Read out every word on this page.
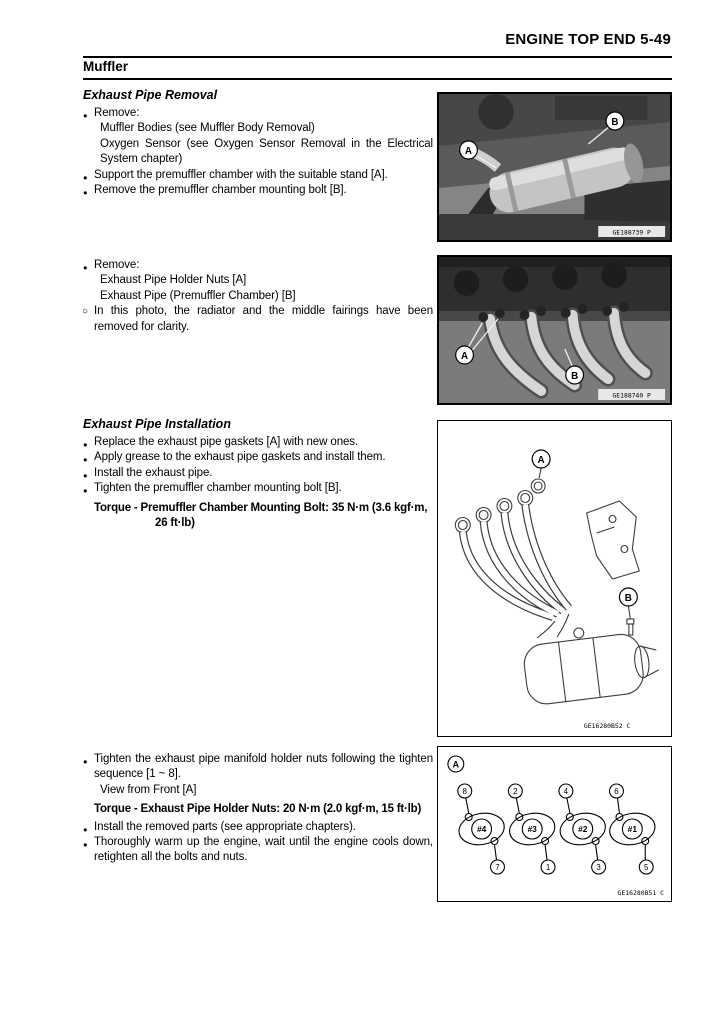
ENGINE TOP END 5-49
Muffler
Exhaust Pipe Removal

● Remove:

Muffler Bodies (see Muffler Body Removal)

Oxygen Sensor (see Oxygen Sensor Removal in the Electrical System chapter)

● Support the premuffler chamber with the suitable stand [A].

● Remove the premuffler chamber mounting bolt [B].

● Remove:

Exhaust Pipe Holder Nuts [A]

Exhaust Pipe (Premuffler Chamber) [B]

○ In this photo, the radiator and the middle fairings have been removed for clarity.

Exhaust Pipe Installation

● Replace the exhaust pipe gaskets [A] with new ones.

● Apply grease to the exhaust pipe gaskets and install them.

● Install the exhaust pipe.

● Tighten the premuffler chamber mounting bolt [B].

Torque - Premuffler Chamber Mounting Bolt: 35 N·m (3.6 kgf·m, 26 ft·lb)

● Tighten the exhaust pipe manifold holder nuts following the tighten sequence [1 ~ 8].

View from Front [A]

Torque - Exhaust Pipe Holder Nuts: 20 N·m (2.0 kgf·m, 15 ft·lb)

● Install the removed parts (see appropriate chapters).

● Thoroughly warm up the engine, wait until the engine cools down, retighten all the bolts and nuts.

A
B
GE188739 P
A
B
GE188740 P
A
B
GE16280B52 C
A
#4	#3	#2	#1
8	2	4	6
7	1	3	5
GE16280B51 C
